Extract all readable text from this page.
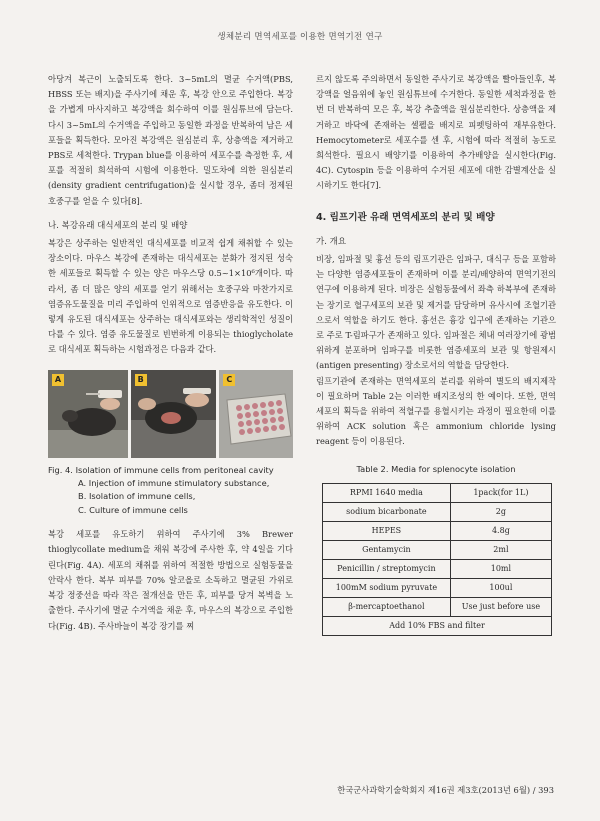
생체분리 면역세포를 이용한 면역기전 연구

아당겨 복근이 노출되도록 한다. 3~5mL의 멸균 수거액(PBS, HBSS 또는 배지)을 주사기에 채운 후, 복강 안으로 주입한다. 복강을 가볍게 마사지하고 복강액을 회수하여 이를 원심튜브에 담는다. 다시 3~5mL의 수거액을 주입하고 동일한 과정을 반복하여 남은 세포들을 획득한다. 모아진 복강액은 원심분리 후, 상층액을 제거하고 PBS로 세척한다. Trypan blue를 이용하여 세포수를 측정한 후, 세포를 적절히 희석하여 시험에 이용한다. 밀도차에 의한 원심분리(density gradient centrifugation)을 실시할 경우, 좀더 정제된 호중구를 얻을 수 있다[8].

나. 복강유래 대식세포의 분리 및 배양

복강은 상주하는 일반적인 대식세포를 비교적 쉽게 채취할 수 있는 장소이다. 마우스 복강에 존재하는 대식세포는 분화가 정지된 성숙한 세포들로 획득할 수 있는 양은 마우스당 0.5~1×10⁶개이다. 따라서, 좀 더 많은 양의 세포를 얻기 위해서는 호중구와 마찬가지로 염증유도물질을 미리 주입하여 인위적으로 염증반응을 유도한다. 이렇게 유도된 대식세포는 상주하는 대식세포와는 생리학적인 성질이 다를 수 있다. 염증 유도물질로 빈번하게 이용되는 thioglycholate로 대식세포 획득하는 시험과정은 다음과 같다.

A	B	C
Fig. 4. Isolation of immune cells from peritoneal cavity
A. Injection of immune stimulatory substance,
B. Isolation of immune cells,
C. Culture of immune cells

복강 세포를 유도하기 위하여 주사기에 3% Brewer thioglycollate medium을 채워 복강에 주사한 후, 약 4일을 기다린다(Fig. 4A). 세포의 채취를 위하여 적절한 방법으로 실험동물을 안락사 한다. 복부 피부를 70% 알코올로 소독하고 멸균된 가위로 복강 정중선을 따라 작은 절개선을 만든 후, 피부를 당겨 복벽을 노출한다. 주사기에 멸균 수거액을 채운 후, 마우스의 복강으로 주입한다(Fig. 4B). 주사바늘이 복강 장기를 찌

르지 않도록 주의하면서 동일한 주사기로 복강액을 빨아들인후, 복강액을 얼음위에 놓인 원심튜브에 수거한다. 동일한 세척과정을 한번 더 반복하여 모은 후, 복강 추출액을 원심분리한다. 상층액을 제거하고 바닥에 존재하는 셀펠을 배지로 피펫팅하여 재부유한다. Hemocytometer로 세포수를 센 후, 시험에 따라 적절히 농도로 희석한다. 필요시 배양기를 이용하여 추가배양을 실시한다(Fig. 4C). Cytospin 등을 이용하여 수거된 세포에 대한 감별계산을 실시하기도 한다[7].

4. 림프기관 유래 면역세포의 분리 및 배양
가. 개요

비장, 임파절 및 흉선 등의 림프기관은 임파구, 대식구 등을 포함하는 다양한 염증세포들이 존재하며 이를 분리/배양하여 면역기전의 연구에 이용하게 된다. 비장은 실험동물에서 좌측 하복부에 존재하는 장기로 혈구세포의 보관 및 제거를 담당하며 유사시에 조혈기관으로서 역할을 하기도 한다. 흉선은 흉강 입구에 존재하는 기관으로 주로 T-림파구가 존재하고 있다. 임파절은 체내 여러장기에 광범위하게 분포하며 임파구를 비롯한 염증세포의 보관 및 항원제시(antigen presenting) 장소로서의 역할을 담당한다.

림프기관에 존재하는 면역세포의 분리를 위하여 별도의 배지제작이 필요하며 Table 2는 이러한 배지조성의 한 예이다. 또한, 면역세포의 획득을 위하여 적혈구를 용혈시키는 과정이 필요한데 이를 위하여 ACK solution 혹은 ammonium chloride lysing reagent 등이 이용된다.

Table 2. Media for splenocyte isolation
RPMI 1640 media	1pack(for 1L)
sodium bicarbonate	2g
HEPES	4.8g
Gentamycin	2ml
Penicillin / streptomycin	10ml
100mM sodium pyruvate	100ul
β-mercaptoethanol	Use just before use
Add 10% FBS and filter	
한국군사과학기술학회지 제16권 제3호(2013년 6월) / 393
